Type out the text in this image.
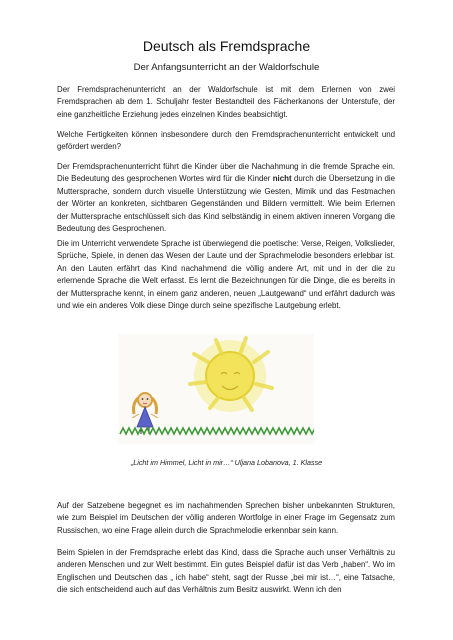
Deutsch als Fremdsprache
Der Anfangsunterricht an der Waldorfschule

Der Fremdsprachenunterricht an der Waldorfschule ist mit dem Erlernen von zwei Fremdsprachen ab dem 1. Schuljahr fester Bestandteil des Fächerkanons der Unterstufe, der eine ganzheitliche Erziehung jedes einzelnen Kindes beabsichtigt.

Welche Fertigkeiten können insbesondere durch den Fremdsprachenunterricht entwickelt und gefördert werden?

Der Fremdsprachenunterricht führt die Kinder über die Nachahmung in die fremde Sprache ein. Die Bedeutung des gesprochenen Wortes wird für die Kinder nicht durch die Übersetzung in die Muttersprache, sondern durch visuelle Unterstützung wie Gesten, Mimik und das Festmachen der Wörter an konkreten, sichtbaren Gegenständen und Bildern vermittelt. Wie beim Erlernen der Muttersprache entschlüsselt sich das Kind selbständig in einem aktiven inneren Vorgang die Bedeutung des Gesprochenen.

Die im Unterricht verwendete Sprache ist überwiegend die poetische: Verse, Reigen, Volkslieder, Sprüche, Spiele, in denen das Wesen der Laute und der Sprachmelodie besonders erlebbar ist. An den Lauten erfährt das Kind nachahmend die völlig andere Art, mit und in der die zu erlernende Sprache die Welt erfasst. Es lernt die Bezeichnungen für die Dinge, die es bereits in der Muttersprache kennt, in einem ganz anderen, neuen „Lautgewand“ und erfährt dadurch was und wie ein anderes Volk diese Dinge durch seine spezifische Lautgebung erlebt.

„Licht im Himmel, Licht in mir…“ Uljana Lobanova, 1. Klasse

Auf der Satzebene begegnet es im nachahmenden Sprechen bisher unbekannten Strukturen, wie zum Beispiel im Deutschen der völlig anderen Wortfolge in einer Frage im Gegensatz zum Russischen, wo eine Frage allein durch die Sprachmelodie erkennbar sein kann.

Beim Spielen in der Fremdsprache erlebt das Kind, dass die Sprache auch unser Verhältnis zu anderen Menschen und zur Welt bestimmt. Ein gutes Beispiel dafür ist das Verb „haben“. Wo im Englischen und Deutschen das „ ich habe“ steht, sagt der Russe „bei mir ist…“, eine Tatsache, die sich entscheidend auch auf das Verhältnis zum Besitz auswirkt. Wenn ich den
